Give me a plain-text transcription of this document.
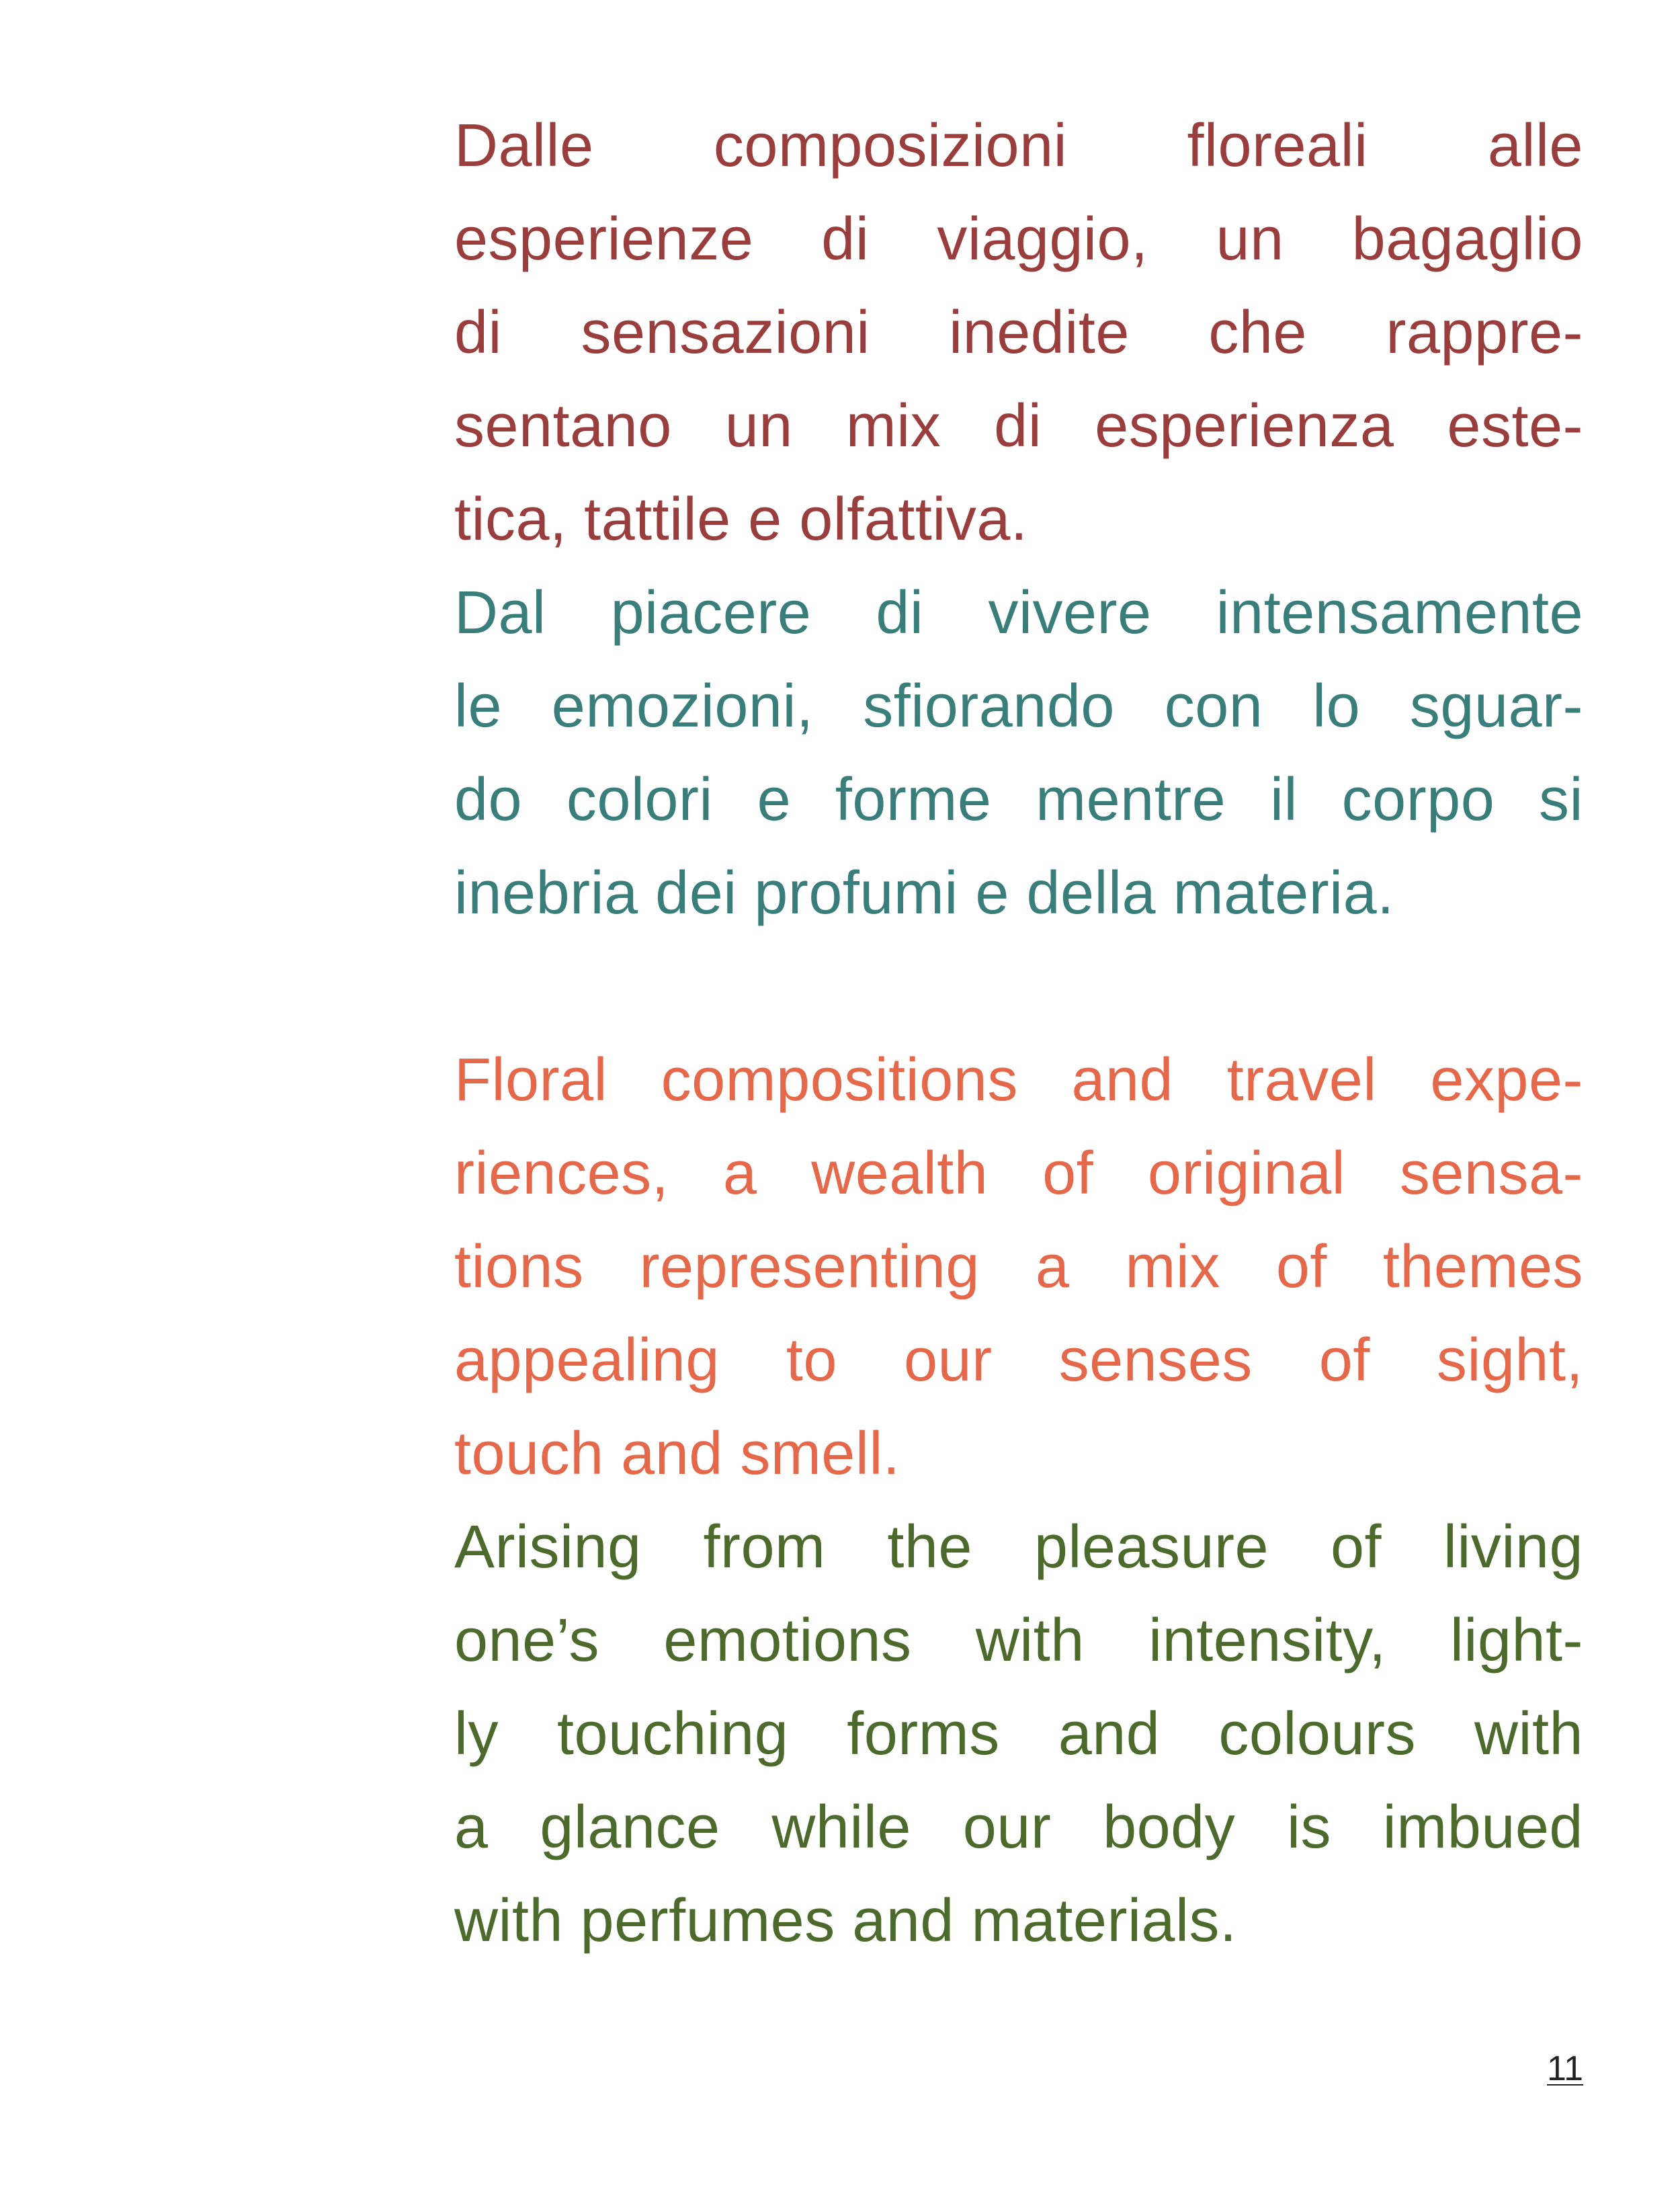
Dalle composizioni floreali alle
esperienze di viaggio, un bagaglio
di sensazioni inedite che rappre-
sentano un mix di esperienza este-
tica, tattile e olfattiva.

Dal piacere di vivere intensamente
le emozioni, sfiorando con lo sguar-
do colori e forme mentre il corpo si
inebria dei profumi e della materia.

Floral compositions and travel expe-
riences, a wealth of original sensa-
tions representing a mix of themes
appealing to our senses of sight,
touch and smell.

Arising from the pleasure of living
one’s emotions with intensity, light-
ly touching forms and colours with
a glance while our body is imbued
with perfumes and materials.

11
